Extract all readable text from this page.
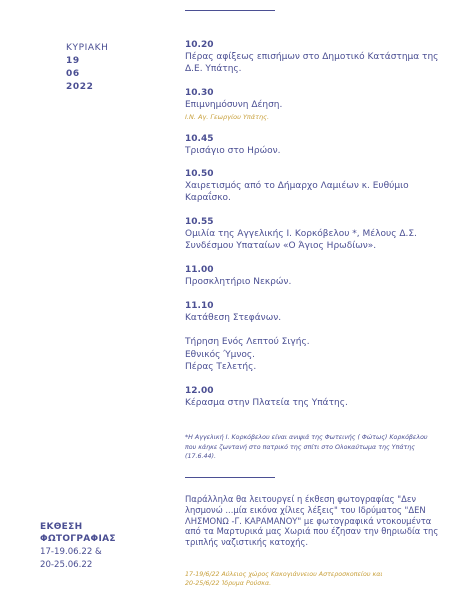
ΚΥΡΙΑΚΗ
19
06
2022
10.20
Πέρας αφίξεως επισήμων στο Δημοτικό Κατάστημα της Δ.Ε. Υπάτης.
10.30
Επιμνημόσυνη Δέηση.
Ι.Ν. Αγ. Γεωργίου Υπάτης.
10.45
Τρισάγιο στο Ηρώον.
10.50
Χαιρετισμός από το Δήμαρχο Λαμιέων κ. Ευθύμιο Καραΐσκο.
10.55
Ομιλία της Αγγελικής Ι. Κορκόβελου *, Μέλους Δ.Σ. Συνδέσμου Υπαταίων «Ο Άγιος Ηρωδίων».
11.00
Προσκλητήριο Νεκρών.
11.10
Κατάθεση Στεφάνων.
Τήρηση Ενός Λεπτού Σιγής.
Εθνικός Ύμνος.
Πέρας Τελετής.
12.00
Κέρασμα στην Πλατεία της Υπάτης.
*Η Αγγελική Ι. Κορκόβελου είναι ανιψιά της Φωτεινής ( Φώτως) Κορκόβελου που κάηκε ζωντανή στο πατρικό της σπίτι στο Ολοκαύτωμα της Υπάτης (17.6.44).
ΕΚΘΕΣΗ
ΦΩΤΟΓΡΑΦΙΑΣ
17-19.06.22 &
20-25.06.22
Παράλληλα θα λειτουργεί η έκθεση φωτογραφίας "Δεν λησμονώ ...μία εικόνα χίλιες λέξεις" του Ιδρύματος "ΔΕΝ ΛΗΣΜΟΝΩ -Γ. ΚΑΡΑΜΑΝΟΥ" με φωτογραφικά ντοκουμέντα από τα Μαρτυρικά μας Χωριά που έζησαν την θηριωδία της τριπλής ναζιστικής κατοχής.
17-19/6/22 Αύλειος χώρος Κακογιάννειου Αστεροσκοπείου και
20-25/6/22 Ίδρυμα Ρούσκα.
